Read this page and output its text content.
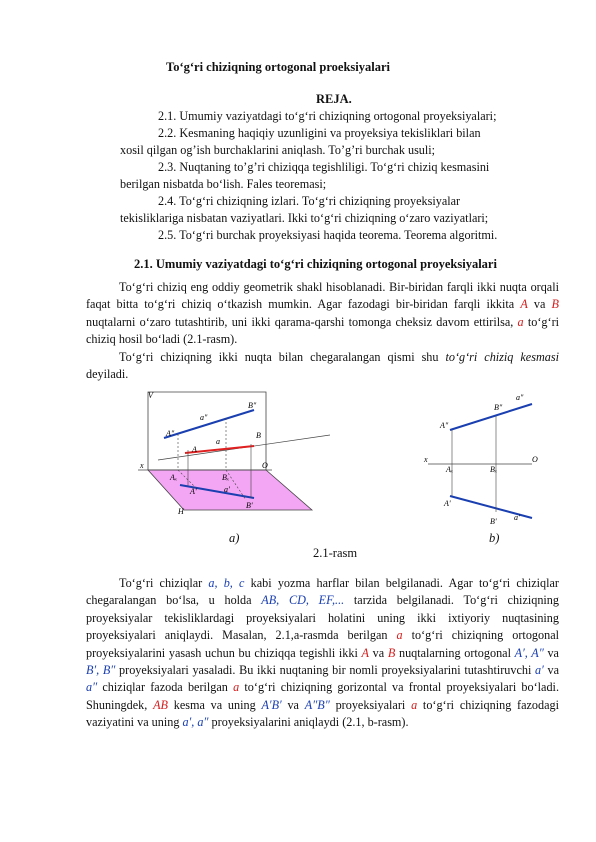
To‘g‘ri chiziqning ortogonal proeksiyalari
REJA.
2.1. Umumiy vaziyatdagi to‘g‘ri chiziqning ortogonal proyeksiyalari;
2.2. Kesmaning haqiqiy uzunligini va proyeksiya tekisliklari bilan
xosil qilgan og’ish burchaklarini aniqlash. To’g’ri burchak usuli;
2.3. Nuqtaning to’g’ri chiziqqa tegishliligi. To‘g‘ri chiziq kesmasini
berilgan nisbatda bo‘lish. Fales teoremasi;
2.4. To‘g‘ri chiziqning izlari. To‘g‘ri chiziqning proyeksiyalar
tekisliklariga nisbatan vaziyatlari. Ikki to‘g‘ri chiziqning o‘zaro vaziyatlari;
2.5. To‘g‘ri burchak proyeksiyasi haqida teorema. Teorema algoritmi.
2.1. Umumiy vaziyatdagi to‘g‘ri chiziqning ortogonal proyeksiyalari

To‘g‘ri chiziq eng oddiy geometrik shakl hisoblanadi. Bir-biridan farqli ikki nuqta orqali faqat bitta to‘g‘ri chiziq o‘tkazish mumkin. Agar fazodagi bir-biridan farqli ikkita A va B nuqtalarni o‘zaro tutashtirib, uni ikki qarama-qarshi tomonga cheksiz davom ettirilsa, a to‘g‘ri chiziq hosil bo‘ladi (2.1-rasm).

To‘g‘ri chiziqning ikki nuqta bilan chegaralangan qismi shu to‘g‘ri chiziq kesmasi deyiladi.

V
H
x	O
A"
B"
a"
A
B
a
Aₓ	Bₓ
A'
B'
a'
x	O
A"
B"
a"
Aₓ	Bₓ
A'
B' a'
a)	b)
2.1-rasm

To‘g‘ri chiziqlar a, b, c kabi yozma harflar bilan belgilanadi. Agar to‘g‘ri chiziqlar chegaralangan bo‘lsa, u holda AB, CD, EF,... tarzida belgilanadi. To‘g‘ri chiziqning proyeksiyalar tekisliklardagi proyeksiyalari holatini uning ikki ixtiyoriy nuqtasining proyeksiyalari aniqlaydi. Masalan, 2.1,a-rasmda berilgan a to‘g‘ri chiziqning ortogonal proyeksiyalarini yasash uchun bu chiziqqa tegishli ikki A va B nuqtalarning ortogonal A′, A″ va B′, B″ proyeksiyalari yasaladi. Bu ikki nuqtaning bir nomli proyeksiyalarini tutashtiruvchi a′ va a″ chiziqlar fazoda berilgan a to‘g‘ri chiziqning gorizontal va frontal proyeksiyalari bo‘ladi. Shuningdek, AB kesma va uning A′B′ va A″B″ proyeksiyalari a to‘g‘ri chiziqning fazodagi vaziyatini va uning a′, a″ proyeksiyalarini aniqlaydi (2.1, b-rasm).
